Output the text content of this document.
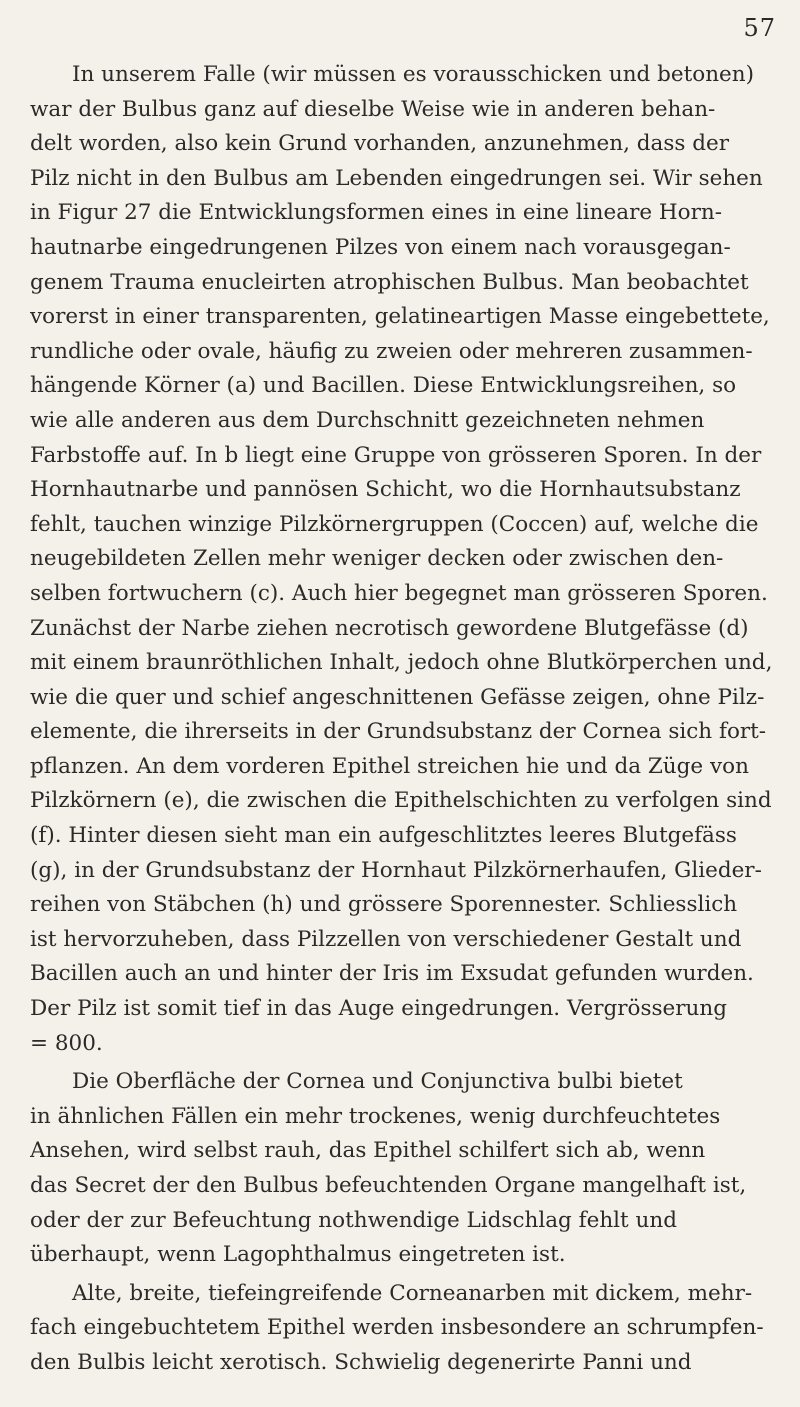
57
In unserem Falle (wir müssen es vorausschicken und betonen)
war der Bulbus ganz auf dieselbe Weise wie in anderen behan-
delt worden, also kein Grund vorhanden, anzunehmen, dass der
Pilz nicht in den Bulbus am Lebenden eingedrungen sei. Wir sehen
in Figur 27 die Entwicklungsformen eines in eine lineare Horn-
hautnarbe eingedrungenen Pilzes von einem nach vorausgegan-
genem Trauma enucleirten atrophischen Bulbus. Man beobachtet
vorerst in einer transparenten, gelatineartigen Masse eingebettete,
rundliche oder ovale, häufig zu zweien oder mehreren zusammen-
hängende Körner (a) und Bacillen. Diese Entwicklungsreihen, so
wie alle anderen aus dem Durchschnitt gezeichneten nehmen
Farbstoffe auf. In b liegt eine Gruppe von grösseren Sporen. In der
Hornhautnarbe und pannösen Schicht, wo die Hornhautsubstanz
fehlt, tauchen winzige Pilzkörnergruppen (Coccen) auf, welche die
neugebildeten Zellen mehr weniger decken oder zwischen den-
selben fortwuchern (c). Auch hier begegnet man grösseren Sporen.
Zunächst der Narbe ziehen necrotisch gewordene Blutgefässe (d)
mit einem braunröthlichen Inhalt, jedoch ohne Blutkörperchen und,
wie die quer und schief angeschnittenen Gefässe zeigen, ohne Pilz-
elemente, die ihrerseits in der Grundsubstanz der Cornea sich fort-
pflanzen. An dem vorderen Epithel streichen hie und da Züge von
Pilzkörnern (e), die zwischen die Epithelschichten zu verfolgen sind
(f). Hinter diesen sieht man ein aufgeschlitztes leeres Blutgefäss
(g), in der Grundsubstanz der Hornhaut Pilzkörnerhaufen, Glieder-
reihen von Stäbchen (h) und grössere Sporennester. Schliesslich
ist hervorzuheben, dass Pilzzellen von verschiedener Gestalt und
Bacillen auch an und hinter der Iris im Exsudat gefunden wurden.
Der Pilz ist somit tief in das Auge eingedrungen. Vergrösserung
= 800.
Die Oberfläche der Cornea und Conjunctiva bulbi bietet
in ähnlichen Fällen ein mehr trockenes, wenig durchfeuchtetes
Ansehen, wird selbst rauh, das Epithel schilfert sich ab, wenn
das Secret der den Bulbus befeuchtenden Organe mangelhaft ist,
oder der zur Befeuchtung nothwendige Lidschlag fehlt und
überhaupt, wenn Lagophthalmus eingetreten ist.
Alte, breite, tiefeingreifende Corneanarben mit dickem, mehr-
fach eingebuchtetem Epithel werden insbesondere an schrumpfen-
den Bulbis leicht xerotisch. Schwielig degenerirte Panni und
